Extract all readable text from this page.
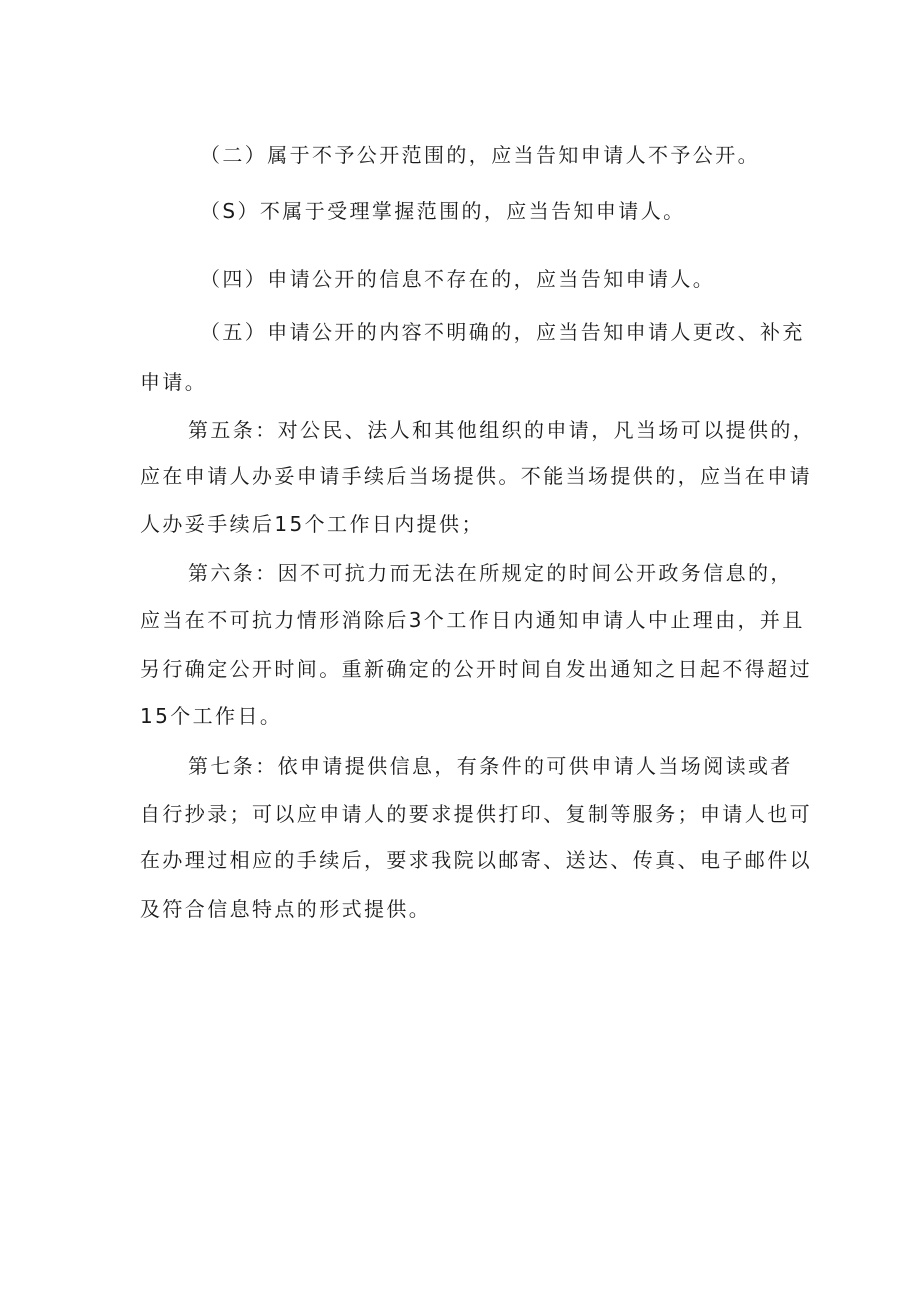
（二）属于不予公开范围的，应当告知申请人不予公开。
（S）不属于受理掌握范围的，应当告知申请人。
（四）申请公开的信息不存在的，应当告知申请人。
（五）申请公开的内容不明确的，应当告知申请人更改、补充
申请。
第五条：对公民、法人和其他组织的申请，凡当场可以提供的，
应在申请人办妥申请手续后当场提供。不能当场提供的，应当在申请
人办妥手续后15个工作日内提供；
第六条：因不可抗力而无法在所规定的时间公开政务信息的，
应当在不可抗力情形消除后3个工作日内通知申请人中止理由，并且
另行确定公开时间。重新确定的公开时间自发出通知之日起不得超过
15个工作日。
第七条：依申请提供信息，有条件的可供申请人当场阅读或者
自行抄录；可以应申请人的要求提供打印、复制等服务；申请人也可
在办理过相应的手续后，要求我院以邮寄、送达、传真、电子邮件以
及符合信息特点的形式提供。
